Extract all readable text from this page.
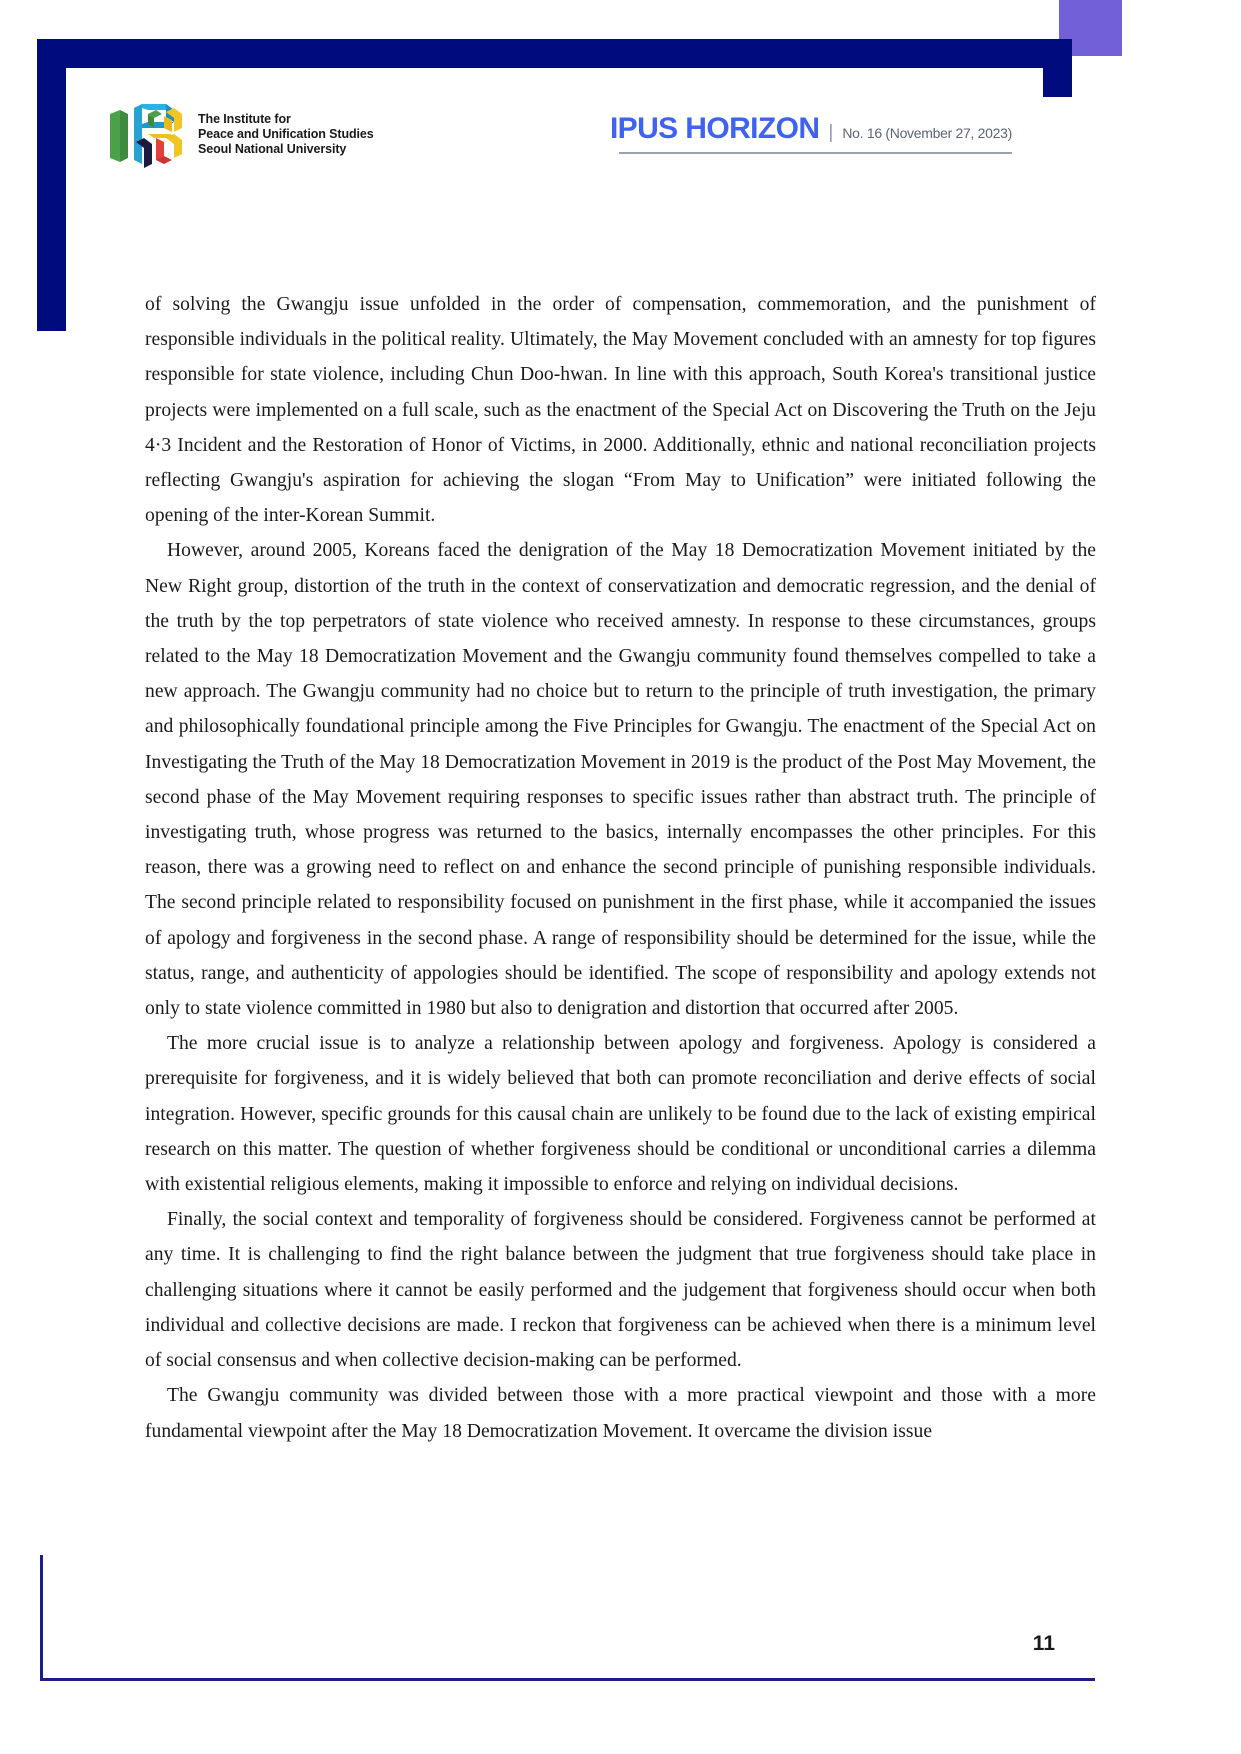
The Institute for
Peace and Unification Studies
Seoul National University
IPUS HORIZON | No. 16 (November 27, 2023)

of solving the Gwangju issue unfolded in the order of compensation, commemoration, and the punishment of responsible individuals in the political reality. Ultimately, the May Movement concluded with an amnesty for top figures responsible for state violence, including Chun Doo-hwan. In line with this approach, South Korea's transitional justice projects were implemented on a full scale, such as the enactment of the Special Act on Discovering the Truth on the Jeju 4·3 Incident and the Restoration of Honor of Victims, in 2000. Additionally, ethnic and national reconciliation projects reflecting Gwangju's aspiration for achieving the slogan “From May to Unification” were initiated following the opening of the inter-Korean Summit.

However, around 2005, Koreans faced the denigration of the May 18 Democratization Movement initiated by the New Right group, distortion of the truth in the context of conservatization and democratic regression, and the denial of the truth by the top perpetrators of state violence who received amnesty. In response to these circumstances, groups related to the May 18 Democratization Movement and the Gwangju community found themselves compelled to take a new approach. The Gwangju community had no choice but to return to the principle of truth investigation, the primary and philosophically foundational principle among the Five Principles for Gwangju. The enactment of the Special Act on Investigating the Truth of the May 18 Democratization Movement in 2019 is the product of the Post May Movement, the second phase of the May Movement requiring responses to specific issues rather than abstract truth. The principle of investigating truth, whose progress was returned to the basics, internally encompasses the other principles. For this reason, there was a growing need to reflect on and enhance the second principle of punishing responsible individuals. The second principle related to responsibility focused on punishment in the first phase, while it accompanied the issues of apology and forgiveness in the second phase. A range of responsibility should be determined for the issue, while the status, range, and authenticity of appologies should be identified. The scope of responsibility and apology extends not only to state violence committed in 1980 but also to denigration and distortion that occurred after 2005.

The more crucial issue is to analyze a relationship between apology and forgiveness. Apology is considered a prerequisite for forgiveness, and it is widely believed that both can promote reconciliation and derive effects of social integration. However, specific grounds for this causal chain are unlikely to be found due to the lack of existing empirical research on this matter. The question of whether forgiveness should be conditional or unconditional carries a dilemma with existential religious elements, making it impossible to enforce and relying on individual decisions.

Finally, the social context and temporality of forgiveness should be considered. Forgiveness cannot be performed at any time. It is challenging to find the right balance between the judgment that true forgiveness should take place in challenging situations where it cannot be easily performed and the judgement that forgiveness should occur when both individual and collective decisions are made. I reckon that forgiveness can be achieved when there is a minimum level of social consensus and when collective decision-making can be performed.

The Gwangju community was divided between those with a more practical viewpoint and those with a more fundamental viewpoint after the May 18 Democratization Movement. It overcame the division issue

11
